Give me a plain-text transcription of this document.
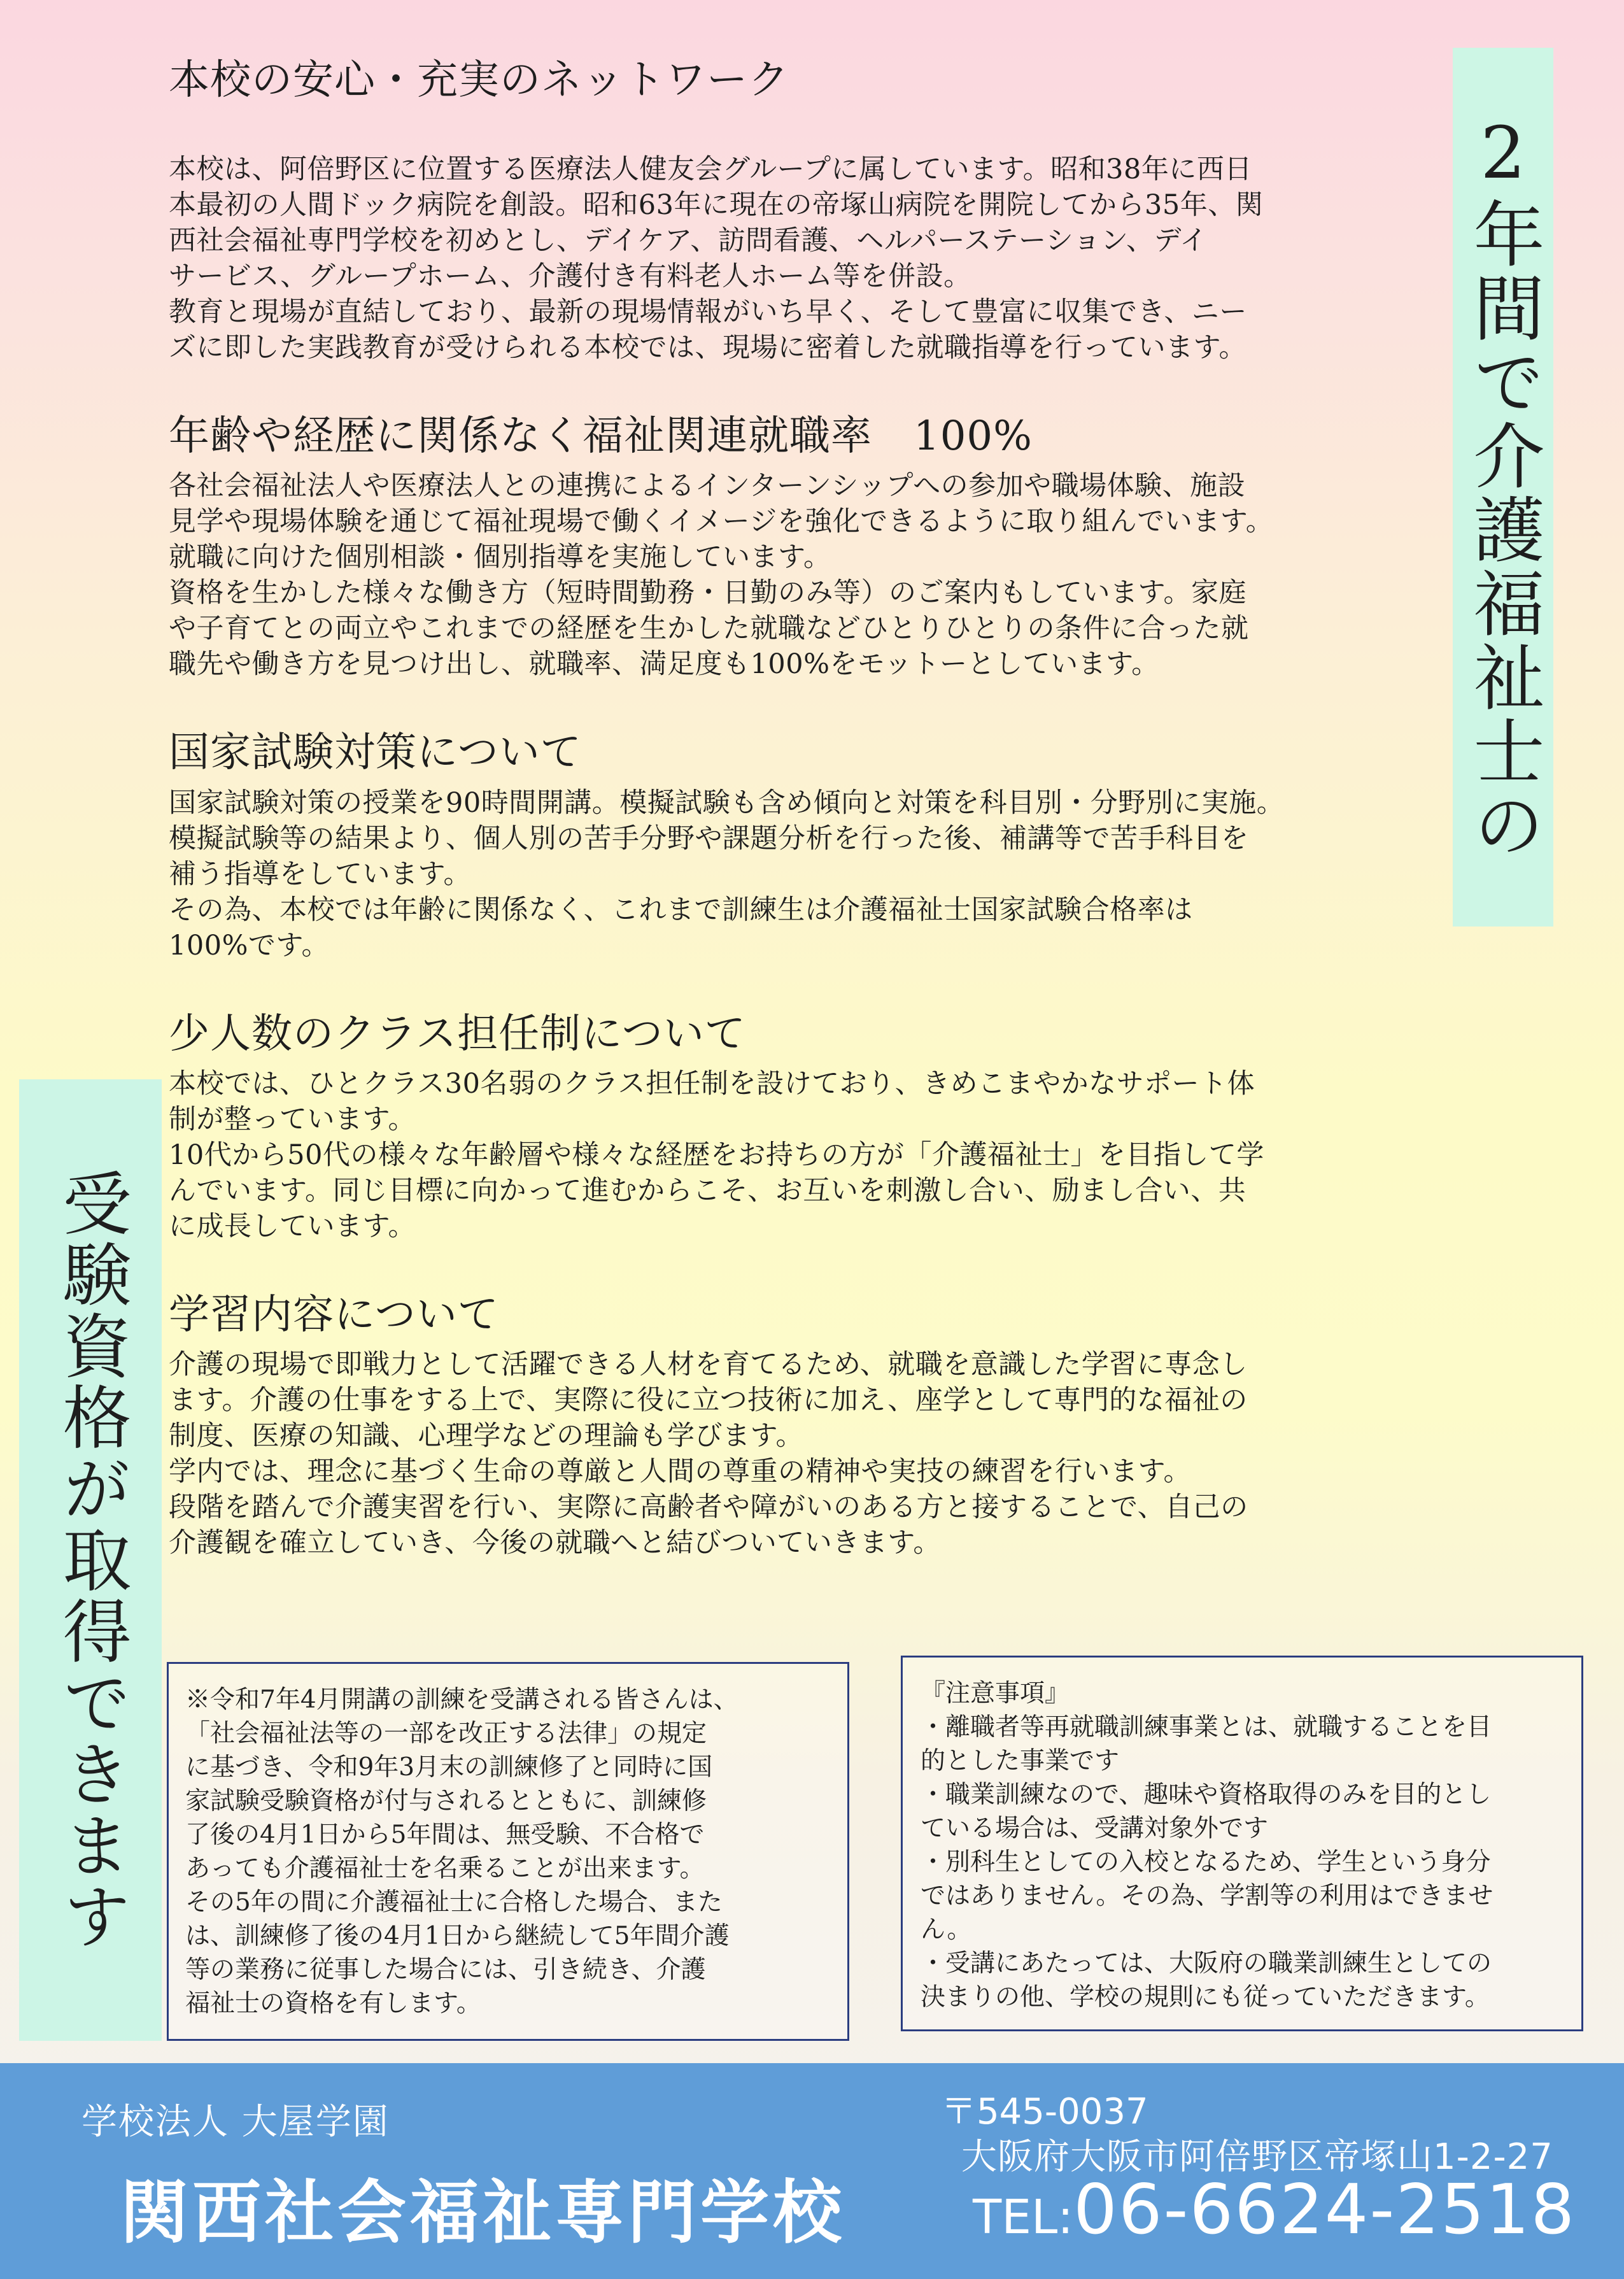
本校の安心・充実のネットワーク
本校は、阿倍野区に位置する医療法人健友会グループに属しています。昭和38年に西日
本最初の人間ドック病院を創設。昭和63年に現在の帝塚山病院を開院してから35年、関
西社会福祉専門学校を初めとし、デイケア、訪問看護、ヘルパーステーション、デイ
サービス、グループホーム、介護付き有料老人ホーム等を併設。
教育と現場が直結しており、最新の現場情報がいち早く、そして豊富に収集でき、ニー
ズに即した実践教育が受けられる本校では、現場に密着した就職指導を行っています。
年齢や経歴に関係なく福祉関連就職率　100%
各社会福祉法人や医療法人との連携によるインターンシップへの参加や職場体験、施設
見学や現場体験を通じて福祉現場で働くイメージを強化できるように取り組んでいます。
就職に向けた個別相談・個別指導を実施しています。
資格を生かした様々な働き方（短時間勤務・日勤のみ等）のご案内もしています。家庭
や子育てとの両立やこれまでの経歴を生かした就職などひとりひとりの条件に合った就
職先や働き方を見つけ出し、就職率、満足度も100%をモットーとしています。
国家試験対策について
国家試験対策の授業を90時間開講。模擬試験も含め傾向と対策を科目別・分野別に実施。
模擬試験等の結果より、個人別の苦手分野や課題分析を行った後、補講等で苦手科目を
補う指導をしています。
その為、本校では年齢に関係なく、これまで訓練生は介護福祉士国家試験合格率は
100%です。
少人数のクラス担任制について
本校では、ひとクラス30名弱のクラス担任制を設けており、きめこまやかなサポート体
制が整っています。
10代から50代の様々な年齢層や様々な経歴をお持ちの方が「介護福祉士」を目指して学
んでいます。同じ目標に向かって進むからこそ、お互いを刺激し合い、励まし合い、共
に成長しています。
学習内容について
介護の現場で即戦力として活躍できる人材を育てるため、就職を意識した学習に専念し
ます。介護の仕事をする上で、実際に役に立つ技術に加え、座学として専門的な福祉の
制度、医療の知識、心理学などの理論も学びます。
学内では、理念に基づく生命の尊厳と人間の尊重の精神や実技の練習を行います。
段階を踏んで介護実習を行い、実際に高齢者や障がいのある方と接することで、自己の
介護観を確立していき、今後の就職へと結びついていきます。
2年間で介護福祉士の
受験資格が取得できます	※令和7年4月開講の訓練を受講される皆さんは、
「社会福祉法等の一部を改正する法律」の規定
に基づき、令和9年3月末の訓練修了と同時に国
家試験受験資格が付与されるとともに、訓練修
了後の4月1日から5年間は、無受験、不合格で
あっても介護福祉士を名乗ることが出来ます。
その5年の間に介護福祉士に合格した場合、また
は、訓練修了後の4月1日から継続して5年間介護
等の業務に従事した場合には、引き続き、介護
福祉士の資格を有します。
『注意事項』
・離職者等再就職訓練事業とは、就職することを目
的とした事業です
・職業訓練なので、趣味や資格取得のみを目的とし
ている場合は、受講対象外です
・別科生としての入校となるため、学生という身分
ではありません。その為、学割等の利用はできませ
ん。
・受講にあたっては、大阪府の職業訓練生としての
決まりの他、学校の規則にも従っていただきます。
学校法人 大屋学園
関西社会福祉専門学校
〒545-0037
大阪府大阪市阿倍野区帝塚山1-2-27
TEL:06-6624-2518
